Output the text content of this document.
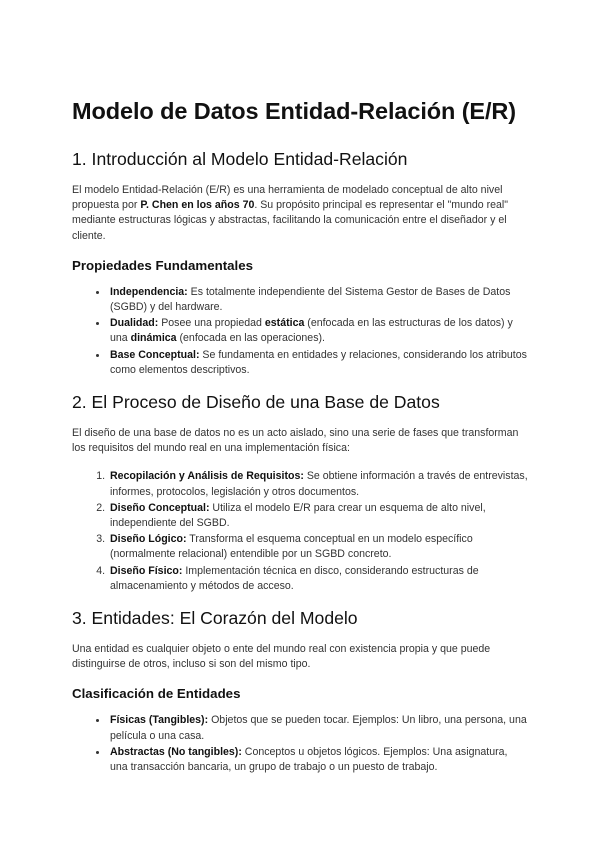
Modelo de Datos Entidad-Relación (E/R)
1. Introducción al Modelo Entidad-Relación

El modelo Entidad-Relación (E/R) es una herramienta de modelado conceptual de alto nivel propuesta por P. Chen en los años 70. Su propósito principal es representar el "mundo real" mediante estructuras lógicas y abstractas, facilitando la comunicación entre el diseñador y el cliente.

Propiedades Fundamentales
• Independencia: Es totalmente independiente del Sistema Gestor de Bases de Datos (SGBD) y del hardware.
• Dualidad: Posee una propiedad estática (enfocada en las estructuras de los datos) y una dinámica (enfocada en las operaciones).
• Base Conceptual: Se fundamenta en entidades y relaciones, considerando los atributos como elementos descriptivos.
2. El Proceso de Diseño de una Base de Datos

El diseño de una base de datos no es un acto aislado, sino una serie de fases que transforman los requisitos del mundo real en una implementación física:

1. Recopilación y Análisis de Requisitos: Se obtiene información a través de entrevistas, informes, protocolos, legislación y otros documentos.
2. Diseño Conceptual: Utiliza el modelo E/R para crear un esquema de alto nivel, independiente del SGBD.
3. Diseño Lógico: Transforma el esquema conceptual en un modelo específico (normalmente relacional) entendible por un SGBD concreto.
4. Diseño Físico: Implementación técnica en disco, considerando estructuras de almacenamiento y métodos de acceso.
3. Entidades: El Corazón del Modelo

Una entidad es cualquier objeto o ente del mundo real con existencia propia y que puede distinguirse de otros, incluso si son del mismo tipo.

Clasificación de Entidades
• Físicas (Tangibles): Objetos que se pueden tocar. Ejemplos: Un libro, una persona, una película o una casa.
• Abstractas (No tangibles): Conceptos u objetos lógicos. Ejemplos: Una asignatura, una transacción bancaria, un grupo de trabajo o un puesto de trabajo.
